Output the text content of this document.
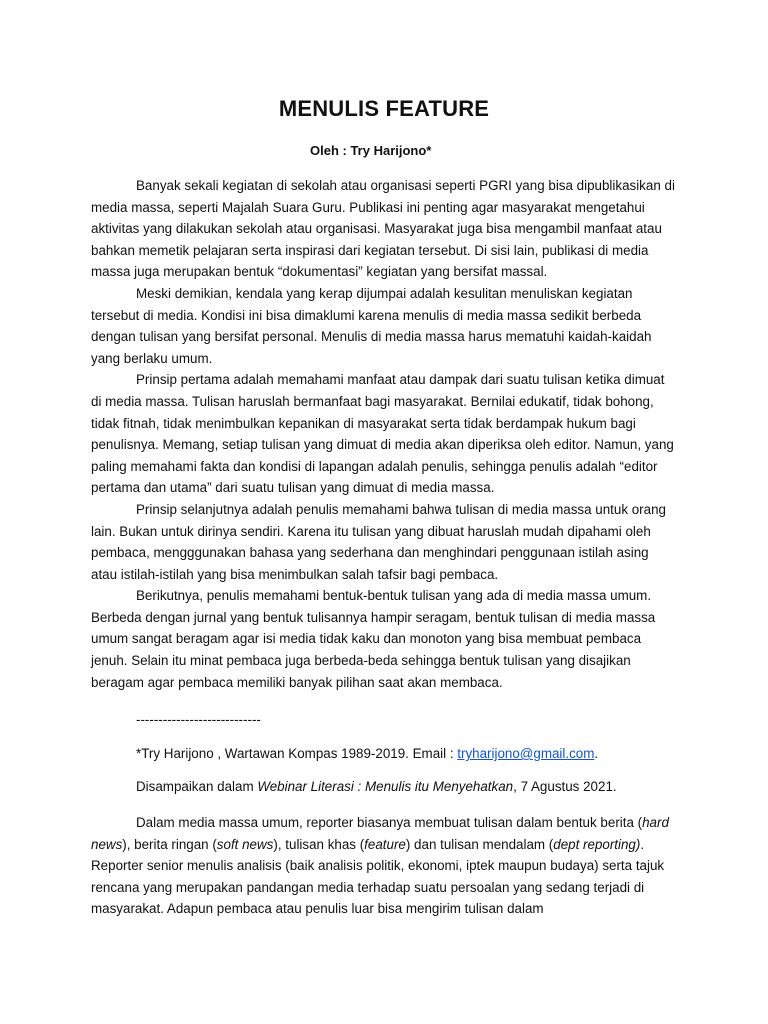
MENULIS FEATURE
Oleh : Try Harijono*

Banyak sekali kegiatan di sekolah atau organisasi seperti PGRI yang bisa dipublikasikan di media massa, seperti Majalah Suara Guru. Publikasi ini penting agar masyarakat mengetahui aktivitas yang dilakukan sekolah atau organisasi. Masyarakat juga bisa mengambil manfaat atau bahkan memetik pelajaran serta inspirasi dari kegiatan tersebut. Di sisi lain, publikasi di media massa juga merupakan bentuk “dokumentasi” kegiatan yang bersifat massal.

Meski demikian, kendala yang kerap dijumpai adalah kesulitan menuliskan kegiatan tersebut di media. Kondisi ini bisa dimaklumi karena menulis di media massa sedikit berbeda dengan tulisan yang bersifat personal. Menulis di media massa harus mematuhi kaidah-kaidah yang berlaku umum.

Prinsip pertama adalah memahami manfaat atau dampak dari suatu tulisan ketika dimuat di media massa. Tulisan haruslah bermanfaat bagi masyarakat. Bernilai edukatif, tidak bohong, tidak fitnah, tidak menimbulkan kepanikan di masyarakat serta tidak berdampak hukum bagi penulisnya. Memang, setiap tulisan yang dimuat di media akan diperiksa oleh editor. Namun, yang paling memahami fakta dan kondisi di lapangan adalah penulis, sehingga penulis adalah “editor pertama dan utama” dari suatu tulisan yang dimuat di media massa.

Prinsip selanjutnya adalah penulis memahami bahwa tulisan di media massa untuk orang lain. Bukan untuk dirinya sendiri. Karena itu tulisan yang dibuat haruslah mudah dipahami oleh pembaca, mengggunakan bahasa yang sederhana dan menghindari penggunaan istilah asing atau istilah-istilah yang bisa menimbulkan salah tafsir bagi pembaca.

Berikutnya, penulis memahami bentuk-bentuk tulisan yang ada di media massa umum. Berbeda dengan jurnal yang bentuk tulisannya hampir seragam, bentuk tulisan di media massa umum sangat beragam agar isi media tidak kaku dan monoton yang bisa membuat pembaca jenuh. Selain itu minat pembaca juga berbeda-beda sehingga bentuk tulisan yang disajikan beragam agar pembaca memiliki banyak pilihan saat akan membaca.

----------------------------
*Try Harijono , Wartawan Kompas 1989-2019. Email : tryharijono@gmail.com.
Disampaikan dalam Webinar Literasi : Menulis itu Menyehatkan, 7 Agustus 2021.

Dalam media massa umum, reporter biasanya membuat tulisan dalam bentuk berita (hard news), berita ringan (soft news), tulisan khas (feature) dan tulisan mendalam (dept reporting). Reporter senior menulis analisis (baik analisis politik, ekonomi, iptek maupun budaya) serta tajuk rencana yang merupakan pandangan media terhadap suatu persoalan yang sedang terjadi di masyarakat. Adapun pembaca atau penulis luar bisa mengirim tulisan dalam
